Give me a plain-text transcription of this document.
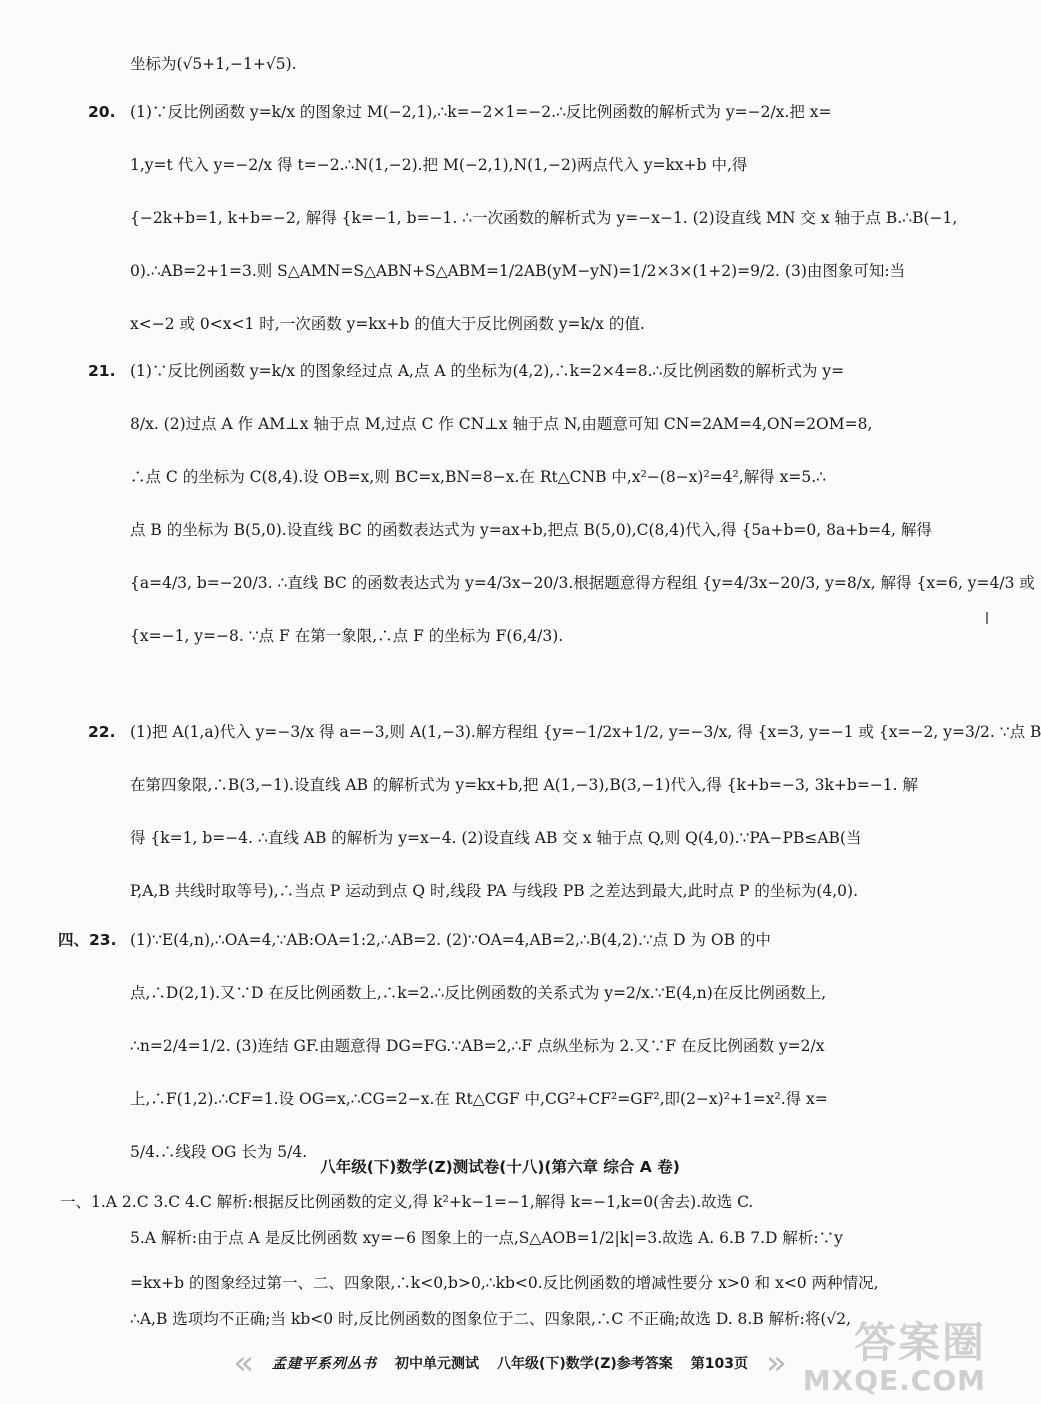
坐标为(√5+1,−1+√5).
20. (1)∵反比例函数 y=k/x 的图象过 M(−2,1),∴k=−2×1=−2.∴反比例函数的解析式为 y=−2/x.把 x=
1,y=t 代入 y=−2/x 得 t=−2.∴N(1,−2).把 M(−2,1),N(1,−2)两点代入 y=kx+b 中,得
{−2k+b=1, k+b=−2, 解得 {k=−1, b=−1. ∴一次函数的解析式为 y=−x−1. (2)设直线 MN 交 x 轴于点 B.∴B(−1,
0).∴AB=2+1=3.则 S△AMN=S△ABN+S△ABM=1/2AB(yM−yN)=1/2×3×(1+2)=9/2. (3)由图象可知:当
x<−2 或 0<x<1 时,一次函数 y=kx+b 的值大于反比例函数 y=k/x 的值.
21. (1)∵反比例函数 y=k/x 的图象经过点 A,点 A 的坐标为(4,2),∴k=2×4=8.∴反比例函数的解析式为 y=
8/x. (2)过点 A 作 AM⊥x 轴于点 M,过点 C 作 CN⊥x 轴于点 N,由题意可知 CN=2AM=4,ON=2OM=8,
∴点 C 的坐标为 C(8,4).设 OB=x,则 BC=x,BN=8−x.在 Rt△CNB 中,x²−(8−x)²=4²,解得 x=5.∴
点 B 的坐标为 B(5,0).设直线 BC 的函数表达式为 y=ax+b,把点 B(5,0),C(8,4)代入,得 {5a+b=0, 8a+b=4, 解得
{a=4/3, b=−20/3. ∴直线 BC 的函数表达式为 y=4/3x−20/3.根据题意得方程组 {y=4/3x−20/3, y=8/x, 解得 {x=6, y=4/3 或
{x=−1, y=−8. ∵点 F 在第一象限,∴点 F 的坐标为 F(6,4/3).
22. (1)把 A(1,a)代入 y=−3/x 得 a=−3,则 A(1,−3).解方程组 {y=−1/2x+1/2, y=−3/x, 得 {x=3, y=−1 或 {x=−2, y=3/2. ∵点 B
在第四象限,∴B(3,−1).设直线 AB 的解析式为 y=kx+b,把 A(1,−3),B(3,−1)代入,得 {k+b=−3, 3k+b=−1. 解
得 {k=1, b=−4. ∴直线 AB 的解析为 y=x−4. (2)设直线 AB 交 x 轴于点 Q,则 Q(4,0).∵PA−PB≤AB(当
P,A,B 共线时取等号),∴当点 P 运动到点 Q 时,线段 PA 与线段 PB 之差达到最大,此时点 P 的坐标为(4,0).
四、23. (1)∵E(4,n),∴OA=4,∵AB:OA=1:2,∴AB=2. (2)∵OA=4,AB=2,∴B(4,2).∵点 D 为 OB 的中
点,∴D(2,1).又∵D 在反比例函数上,∴k=2.∴反比例函数的关系式为 y=2/x.∵E(4,n)在反比例函数上,
∴n=2/4=1/2. (3)连结 GF.由题意得 DG=FG.∵AB=2,∴F 点纵坐标为 2.又∵F 在反比例函数 y=2/x
上,∴F(1,2).∴CF=1.设 OG=x,∴CG=2−x.在 Rt△CGF 中,CG²+CF²=GF²,即(2−x)²+1=x².得 x=
5/4.∴线段 OG 长为 5/4.
八年级(下)数学(Z)测试卷(十八)(第六章 综合 A 卷)
一、1.A 2.C 3.C 4.C 解析:根据反比例函数的定义,得 k²+k−1=−1,解得 k=−1,k=0(舍去).故选 C.
5.A 解析:由于点 A 是反比例函数 xy=−6 图象上的一点,S△AOB=1/2|k|=3.故选 A. 6.B 7.D 解析:∵y
=kx+b 的图象经过第一、二、四象限,∴k<0,b>0,∴kb<0.反比例函数的增减性要分 x>0 和 x<0 两种情况,
∴A,B 选项均不正确;当 kb<0 时,反比例函数的图象位于二、四象限,∴C 不正确;故选 D. 8.B 解析:将(√2,
« 孟建平系列丛书 初中单元测试 八年级(下)数学(Z)参考答案 第103页 »	答案圈
MXQE.COM
